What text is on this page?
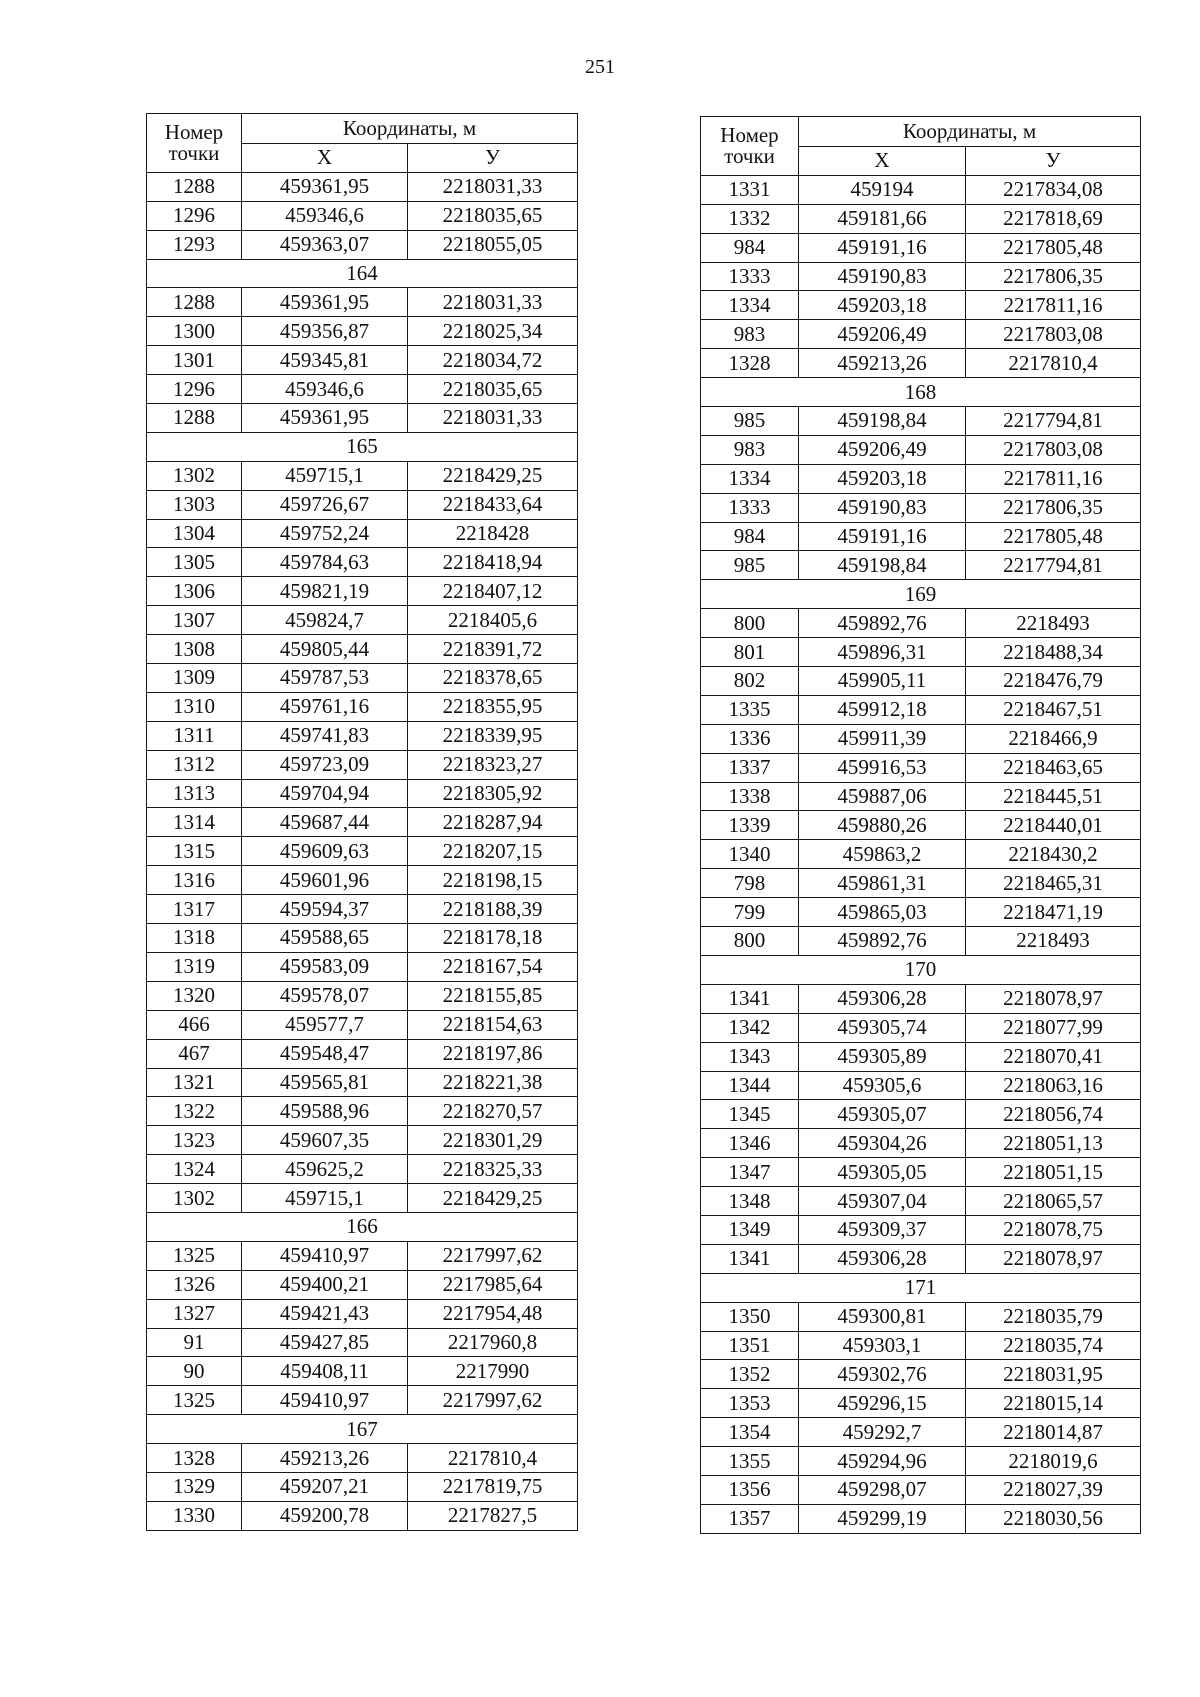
251
Номер
точки	Координаты, м	
	X	У
1288	459361,95	2218031,33
1296	459346,6	2218035,65
1293	459363,07	2218055,05
164		
1288	459361,95	2218031,33
1300	459356,87	2218025,34
1301	459345,81	2218034,72
1296	459346,6	2218035,65
1288	459361,95	2218031,33
165		
1302	459715,1	2218429,25
1303	459726,67	2218433,64
1304	459752,24	2218428
1305	459784,63	2218418,94
1306	459821,19	2218407,12
1307	459824,7	2218405,6
1308	459805,44	2218391,72
1309	459787,53	2218378,65
1310	459761,16	2218355,95
1311	459741,83	2218339,95
1312	459723,09	2218323,27
1313	459704,94	2218305,92
1314	459687,44	2218287,94
1315	459609,63	2218207,15
1316	459601,96	2218198,15
1317	459594,37	2218188,39
1318	459588,65	2218178,18
1319	459583,09	2218167,54
1320	459578,07	2218155,85
466	459577,7	2218154,63
467	459548,47	2218197,86
1321	459565,81	2218221,38
1322	459588,96	2218270,57
1323	459607,35	2218301,29
1324	459625,2	2218325,33
1302	459715,1	2218429,25
166		
1325	459410,97	2217997,62
1326	459400,21	2217985,64
1327	459421,43	2217954,48
91	459427,85	2217960,8
90	459408,11	2217990
1325	459410,97	2217997,62
167		
1328	459213,26	2217810,4
1329	459207,21	2217819,75
1330	459200,78	2217827,5
Номер
точки	Координаты, м	
	X	У
1331	459194	2217834,08
1332	459181,66	2217818,69
984	459191,16	2217805,48
1333	459190,83	2217806,35
1334	459203,18	2217811,16
983	459206,49	2217803,08
1328	459213,26	2217810,4
168		
985	459198,84	2217794,81
983	459206,49	2217803,08
1334	459203,18	2217811,16
1333	459190,83	2217806,35
984	459191,16	2217805,48
985	459198,84	2217794,81
169		
800	459892,76	2218493
801	459896,31	2218488,34
802	459905,11	2218476,79
1335	459912,18	2218467,51
1336	459911,39	2218466,9
1337	459916,53	2218463,65
1338	459887,06	2218445,51
1339	459880,26	2218440,01
1340	459863,2	2218430,2
798	459861,31	2218465,31
799	459865,03	2218471,19
800	459892,76	2218493
170		
1341	459306,28	2218078,97
1342	459305,74	2218077,99
1343	459305,89	2218070,41
1344	459305,6	2218063,16
1345	459305,07	2218056,74
1346	459304,26	2218051,13
1347	459305,05	2218051,15
1348	459307,04	2218065,57
1349	459309,37	2218078,75
1341	459306,28	2218078,97
171		
1350	459300,81	2218035,79
1351	459303,1	2218035,74
1352	459302,76	2218031,95
1353	459296,15	2218015,14
1354	459292,7	2218014,87
1355	459294,96	2218019,6
1356	459298,07	2218027,39
1357	459299,19	2218030,56
